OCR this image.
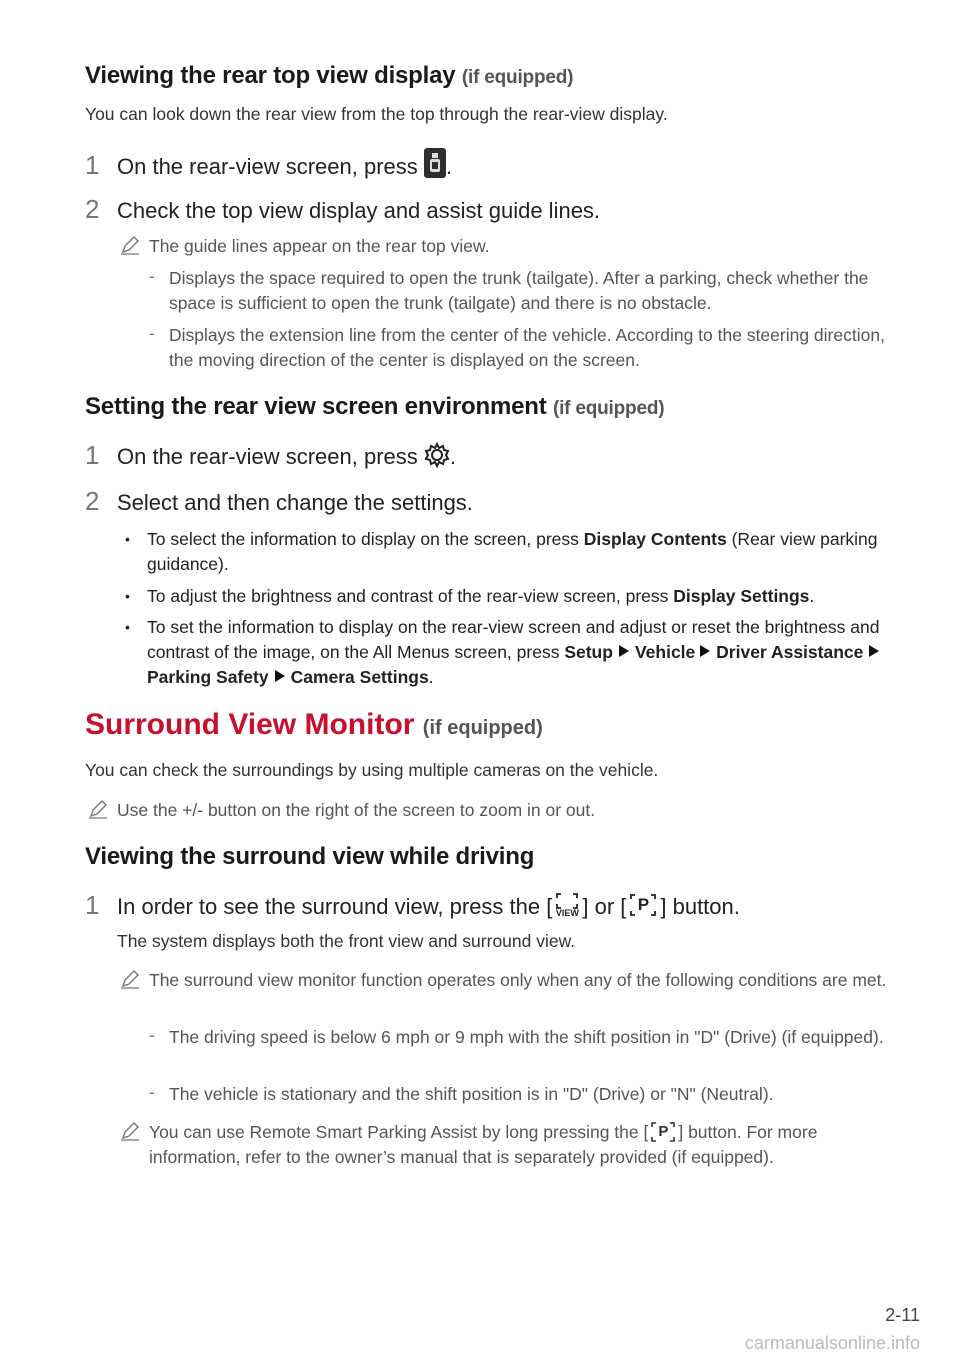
Viewing the rear top view display (if equipped)
You can look down the rear view from the top through the rear-view display.
1 On the rear-view screen, press .
2 Check the top view display and assist guide lines.
The guide lines appear on the rear top view.
- Displays the space required to open the trunk (tailgate). After a parking, check whether the space is sufficient to open the trunk (tailgate) and there is no obstacle.
- Displays the extension line from the center of the vehicle. According to the steering direction, the moving direction of the center is displayed on the screen.
Setting the rear view screen environment (if equipped)
1 On the rear-view screen, press .
2 Select and then change the settings.
• To select the information to display on the screen, press Display Contents (Rear view parking guidance).
• To adjust the brightness and contrast of the rear-view screen, press Display Settings.
• To set the information to display on the rear-view screen and adjust or reset the brightness and contrast of the image, on the All Menus screen, press Setup Vehicle Driver AssistanceParking Safety Camera Settings.
Surround View Monitor (if equipped)
You can check the surroundings by using multiple cameras on the vehicle.
Use the +/- button on the right of the screen to zoom in or out.
Viewing the surround view while driving
1 In order to see the surround view, press the [ VIEW ] or [ P ] button.
The system displays both the front view and surround view.
The surround view monitor function operates only when any of the following conditions are met.
- The driving speed is below 6 mph or 9 mph with the shift position in "D" (Drive) (if equipped).
- The vehicle is stationary and the shift position is in "D" (Drive) or "N" (Neutral).
You can use Remote Smart Parking Assist by long pressing the [ P ] button. For more information, refer to the owner’s manual that is separately provided (if equipped).
2-11
carmanualsonline.info
